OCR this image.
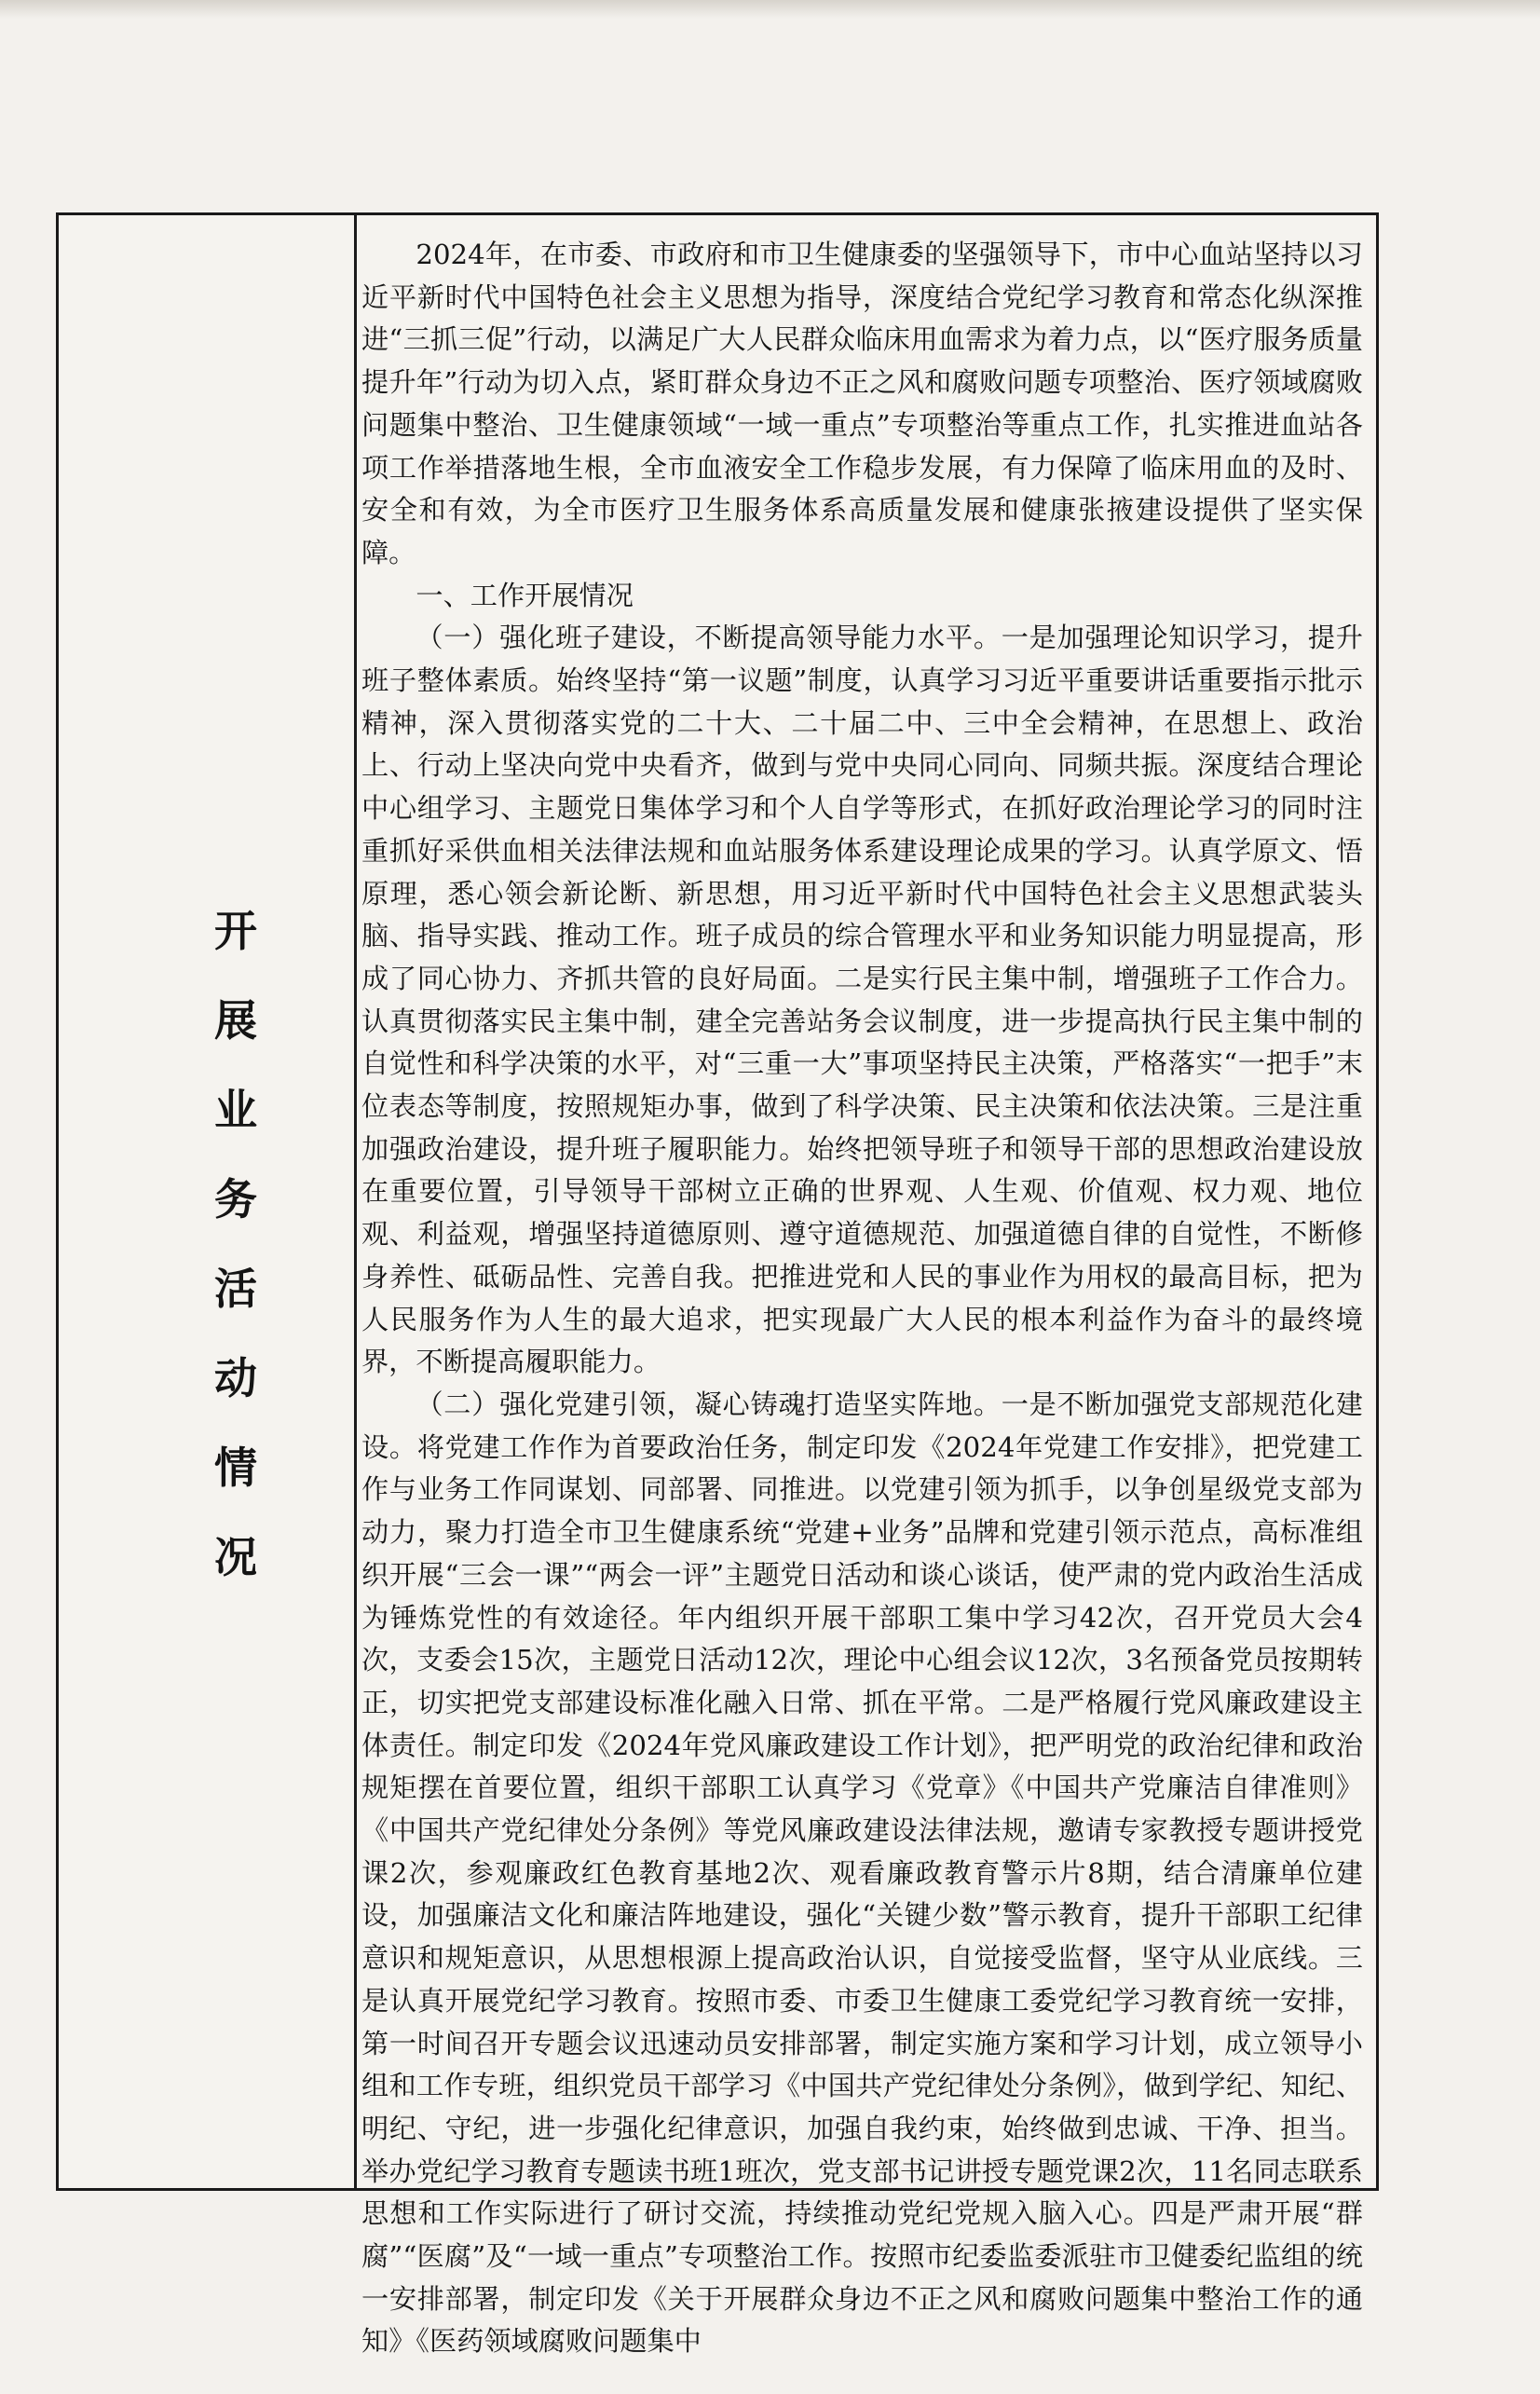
开
展
业
务
活
动
情
况

2024年，在市委、市政府和市卫生健康委的坚强领导下，市中心血站坚持以习近平新时代中国特色社会主义思想为指导，深度结合党纪学习教育和常态化纵深推进“三抓三促”行动，以满足广大人民群众临床用血需求为着力点，以“医疗服务质量提升年”行动为切入点，紧盯群众身边不正之风和腐败问题专项整治、医疗领域腐败问题集中整治、卫生健康领域“一域一重点”专项整治等重点工作，扎实推进血站各项工作举措落地生根，全市血液安全工作稳步发展，有力保障了临床用血的及时、安全和有效，为全市医疗卫生服务体系高质量发展和健康张掖建设提供了坚实保障。

一、工作开展情况

（一）强化班子建设，不断提高领导能力水平。一是加强理论知识学习，提升班子整体素质。始终坚持“第一议题”制度，认真学习习近平重要讲话重要指示批示精神，深入贯彻落实党的二十大、二十届二中、三中全会精神，在思想上、政治上、行动上坚决向党中央看齐，做到与党中央同心同向、同频共振。深度结合理论中心组学习、主题党日集体学习和个人自学等形式，在抓好政治理论学习的同时注重抓好采供血相关法律法规和血站服务体系建设理论成果的学习。认真学原文、悟原理，悉心领会新论断、新思想，用习近平新时代中国特色社会主义思想武装头脑、指导实践、推动工作。班子成员的综合管理水平和业务知识能力明显提高，形成了同心协力、齐抓共管的良好局面。二是实行民主集中制，增强班子工作合力。认真贯彻落实民主集中制，建全完善站务会议制度，进一步提高执行民主集中制的自觉性和科学决策的水平，对“三重一大”事项坚持民主决策，严格落实“一把手”末位表态等制度，按照规矩办事，做到了科学决策、民主决策和依法决策。三是注重加强政治建设，提升班子履职能力。始终把领导班子和领导干部的思想政治建设放在重要位置，引导领导干部树立正确的世界观、人生观、价值观、权力观、地位观、利益观，增强坚持道德原则、遵守道德规范、加强道德自律的自觉性，不断修身养性、砥砺品性、完善自我。把推进党和人民的事业作为用权的最高目标，把为人民服务作为人生的最大追求，把实现最广大人民的根本利益作为奋斗的最终境界，不断提高履职能力。

（二）强化党建引领，凝心铸魂打造坚实阵地。一是不断加强党支部规范化建设。将党建工作作为首要政治任务，制定印发《2024年党建工作安排》，把党建工作与业务工作同谋划、同部署、同推进。以党建引领为抓手，以争创星级党支部为动力，聚力打造全市卫生健康系统“党建+业务”品牌和党建引领示范点，高标准组织开展“三会一课”“两会一评”主题党日活动和谈心谈话，使严肃的党内政治生活成为锤炼党性的有效途径。年内组织开展干部职工集中学习42次，召开党员大会4次，支委会15次，主题党日活动12次，理论中心组会议12次，3名预备党员按期转正，切实把党支部建设标准化融入日常、抓在平常。二是严格履行党风廉政建设主体责任。制定印发《2024年党风廉政建设工作计划》，把严明党的政治纪律和政治规矩摆在首要位置，组织干部职工认真学习《党章》《中国共产党廉洁自律准则》《中国共产党纪律处分条例》等党风廉政建设法律法规，邀请专家教授专题讲授党课2次，参观廉政红色教育基地2次、观看廉政教育警示片8期，结合清廉单位建设，加强廉洁文化和廉洁阵地建设，强化“关键少数”警示教育，提升干部职工纪律意识和规矩意识，从思想根源上提高政治认识，自觉接受监督，坚守从业底线。三是认真开展党纪学习教育。按照市委、市委卫生健康工委党纪学习教育统一安排，第一时间召开专题会议迅速动员安排部署，制定实施方案和学习计划，成立领导小组和工作专班，组织党员干部学习《中国共产党纪律处分条例》，做到学纪、知纪、明纪、守纪，进一步强化纪律意识，加强自我约束，始终做到忠诚、干净、担当。举办党纪学习教育专题读书班1班次，党支部书记讲授专题党课2次，11名同志联系思想和工作实际进行了研讨交流，持续推动党纪党规入脑入心。四是严肃开展“群腐”“医腐”及“一域一重点”专项整治工作。按照市纪委监委派驻市卫健委纪监组的统一安排部署，制定印发《关于开展群众身边不正之风和腐败问题集中整治工作的通知》《医药领域腐败问题集中
